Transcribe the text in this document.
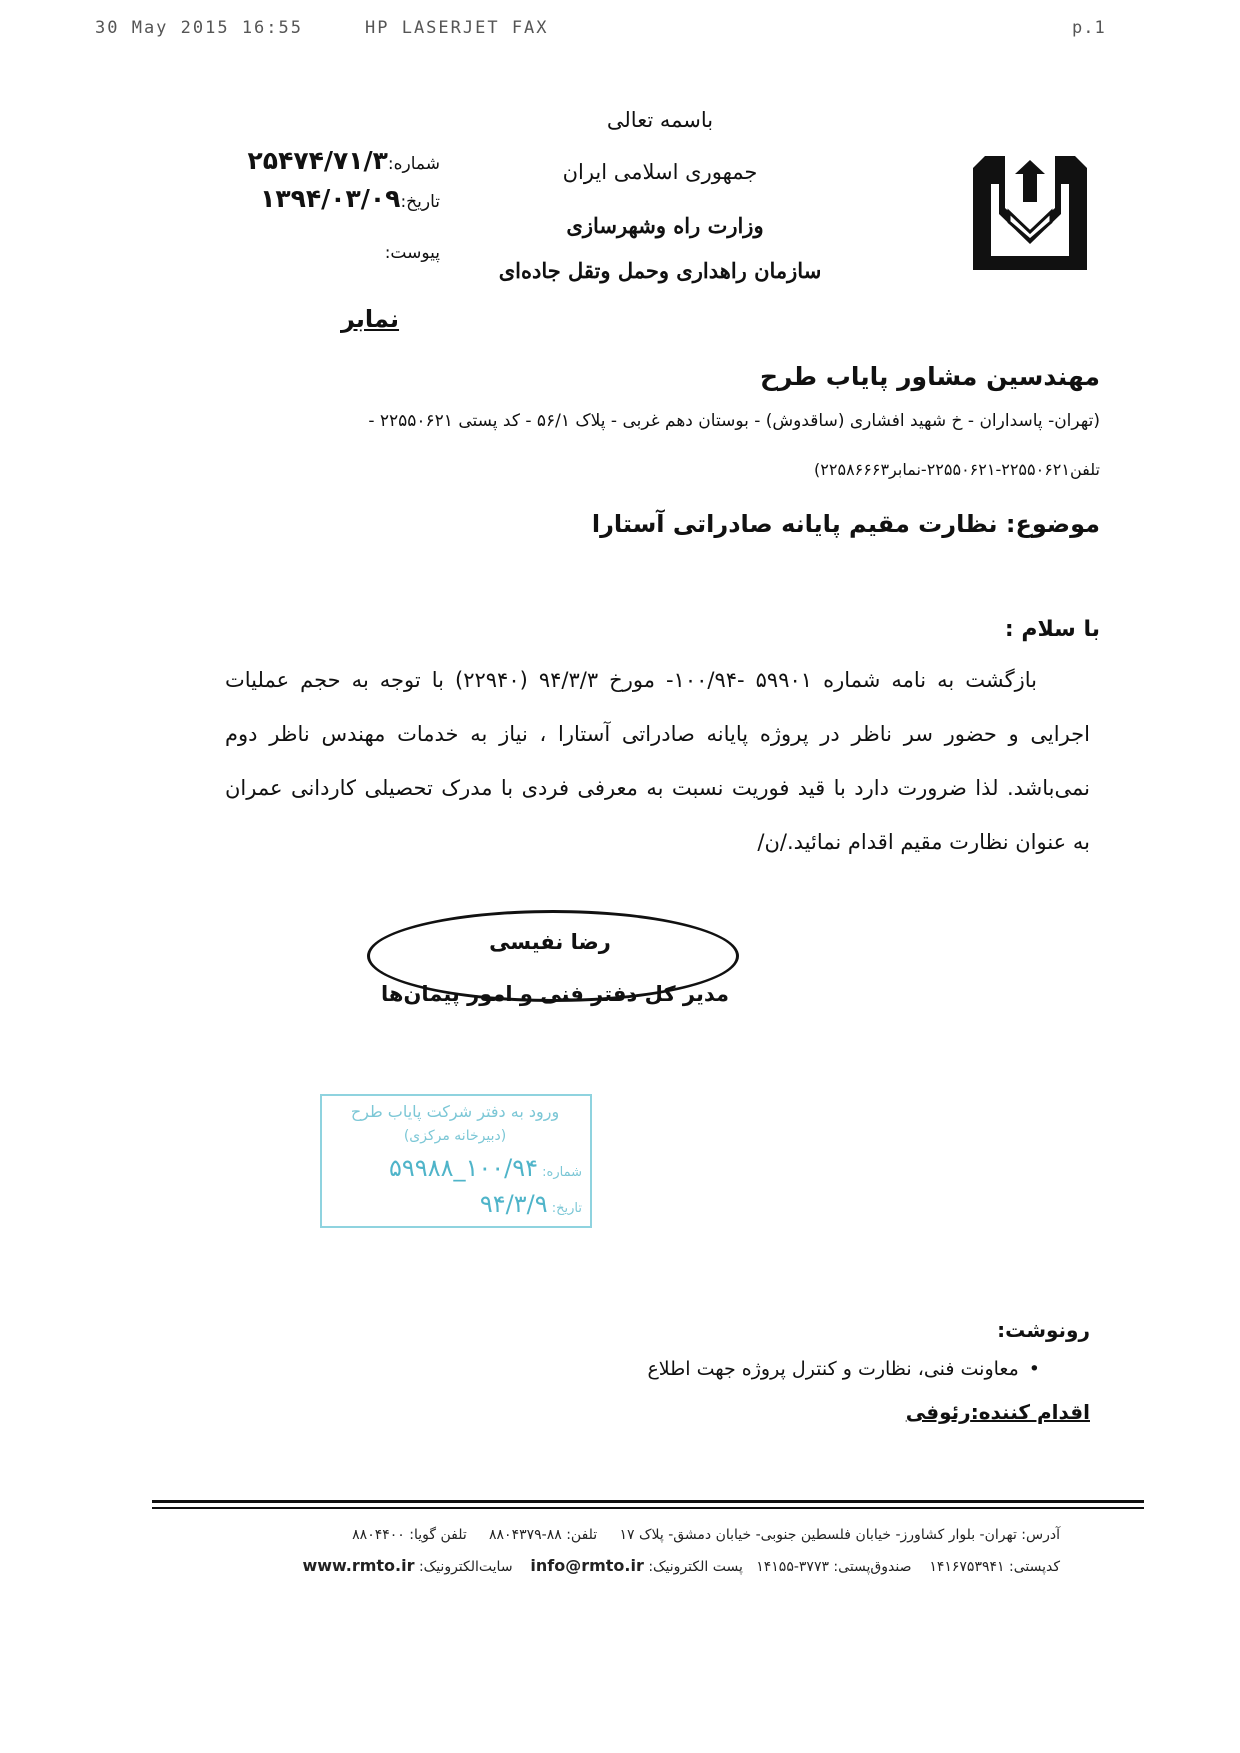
30 May 2015 16:55	HP LASERJET FAX	p.1
باسمه تعالی
جمهوری اسلامی ایران
وزارت راه وشهرسازی
سازمان راهداری وحمل وتقل جاده‌ای
شماره:۲۵۴۷۴/۷۱/۳
تاریخ:۱۳۹۴/۰۳/۰۹
پیوست:
نمابر
مهندسین مشاور پایاب طرح
(تهران- پاسداران - خ شهید افشاری (ساقدوش) - بوستان دهم غربی - پلاک ۵۶/۱ - کد پستی ۲۲۵۵۰۶۲۱ -
تلفن۲۲۵۵۰۶۲۱-۲۲۵۵۰۶۲۱-نمابر۲۲۵۸۶۶۶۳)
موضوع: نظارت مقیم پایانه صادراتی آستارا
با سلام :
بازگشت به نامه شماره ۵۹۹۰۱ -۱۰۰/۹۴- مورخ ۹۴/۳/۳ (۲۲۹۴۰) با توجه به حجم عملیات
اجرایی و حضور سر ناظر در پروژه پایانه صادراتی آستارا ، نیاز به خدمات مهندس ناظر دوم
نمی‌باشد. لذا ضرورت دارد با قید فوریت نسبت به معرفی فردی با مدرک تحصیلی کاردانی عمران
به عنوان نظارت مقیم اقدام نمائید./ن/
رضا نفیسی
مدیر کل دفتر فنی و امور پیمان‌ها
ورود به دفتر شرکت پایاب طرح
(دبیرخانه مرکزی)
شماره: ۱۰۰/۹۴_۵۹۹۸۸
تاریخ: ۹۴/۳/۹
رونوشت:
•معاونت فنی، نظارت و کنترل پروژه جهت اطلاع
اقدام کننده:رئوفی
آدرس: تهران- بلوار کشاورز- خیابان فلسطین جنوبی- خیابان دمشق- پلاک ۱۷     تلفن: ۸۸-۸۸۰۴۳۷۹     تلفن گویا: ۸۸۰۴۴۰۰
کدپستی: ۱۴۱۶۷۵۳۹۴۱    صندوق‌پستی: ۳۷۷۳-۱۴۱۵۵   پست الکترونیک: info@rmto.ir    سایت‌الکترونیک: www.rmto.ir
